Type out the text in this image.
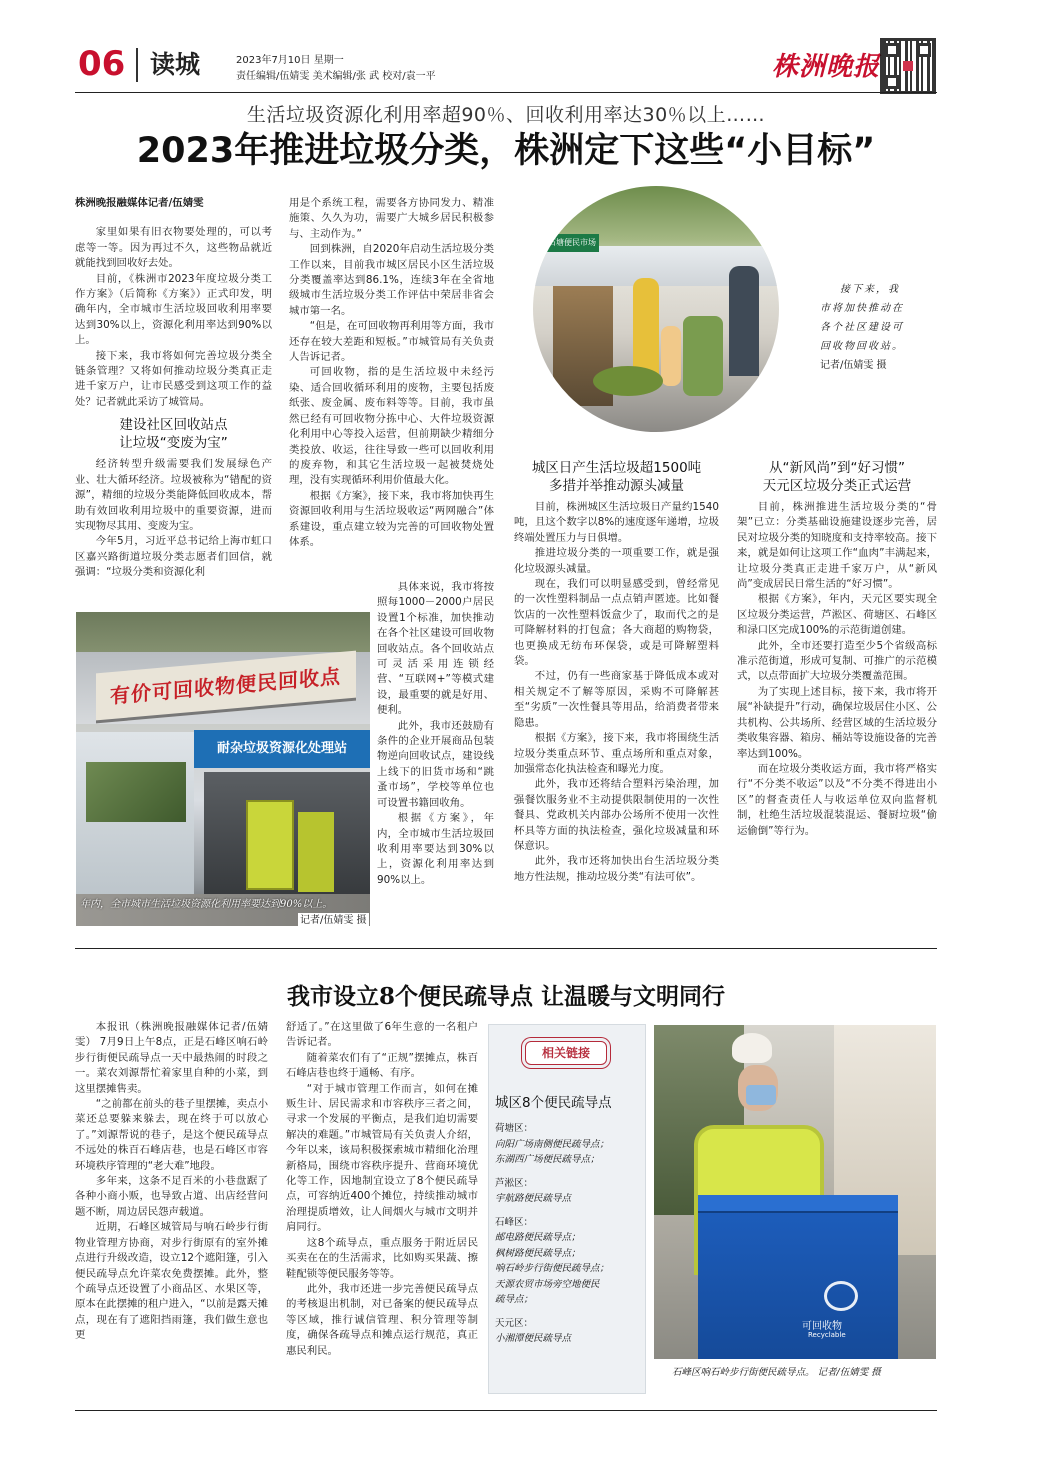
06 读城	2023年7月10日 星期一
责任编辑/伍婧雯 美术编辑/张 武 校对/袁一平	株洲晚报
生活垃圾资源化利用率超90％、回收利用率达30％以上……
2023年推进垃圾分类，株洲定下这些“小目标”
株洲晚报融媒体记者/伍婧雯

家里如果有旧衣物要处理的，可以考虑等一等。因为再过不久，这些物品就近就能找到回收好去处。

目前，《株洲市2023年度垃圾分类工作方案》（后简称《方案》）正式印发，明确年内，全市城市生活垃圾回收利用率要达到30%以上，资源化利用率达到90%以上。

接下来，我市将如何完善垃圾分类全链条管理？又将如何推动垃圾分类真正走进千家万户，让市民感受到这项工作的益处？记者就此采访了城管局。

建设社区回收站点
让垃圾“变废为宝”

经济转型升级需要我们发展绿色产业、壮大循环经济。垃圾被称为“错配的资源”，精细的垃圾分类能降低回收成本，帮助有效回收利用垃圾中的重要资源，进而实现物尽其用、变废为宝。

今年5月，习近平总书记给上海市虹口区嘉兴路街道垃圾分类志愿者们回信，就强调：“垃圾分类和资源化利

用是个系统工程，需要各方协同发力、精准施策、久久为功，需要广大城乡居民积极参与、主动作为。”

回到株洲，自2020年启动生活垃圾分类工作以来，目前我市城区居民小区生活垃圾分类覆盖率达到86.1%，连续3年在全省地级城市生活垃圾分类工作评估中荣居非省会城市第一名。

“但是，在可回收物再利用等方面，我市还存在较大差距和短板。”市城管局有关负责人告诉记者。

可回收物，指的是生活垃圾中未经污染、适合回收循环利用的废物，主要包括废纸张、废金属、废布料等等。目前，我市虽然已经有可回收物分拣中心、大件垃圾资源化利用中心等投入运营，但前期缺少精细分类投放、收运，往往导致一些可以回收利用的废弃物，和其它生活垃圾一起被焚烧处理，没有实现循环利用价值最大化。

根据《方案》，接下来，我市将加快再生资源回收利用与生活垃圾收运“两网融合”体系建设，重点建立较为完善的可回收物处置体系。

具体来说，我市将按照每1000－2000户居民设置1个标准，加快推动在各个社区建设可回收物回收站点。各个回收站点可灵活采用连锁经营、“互联网+”等模式建设，最重要的就是好用、便利。

此外，我市还鼓励有条件的企业开展商品包装物逆向回收试点，建设线上线下的旧货市场和“跳蚤市场”，学校等单位也可设置书籍回收角。

根据《方案》，年内，全市城市生活垃圾回收利用率要达到30%以上，资源化利用率达到90%以上。

有价可回收物便民回收点
耐杂垃圾资源化处理站
年内，全市城市生活垃圾资源化利用率要达到90%以上。
记者/伍婧雯 摄
石塘便民市场
接下来，我
市将加快推动在
各个社区建设可
回收物回收站。
记者/伍婧雯 摄
城区日产生活垃圾超1500吨
多措并举推动源头减量

目前，株洲城区生活垃圾日产量约1540吨，且这个数字以8%的速度逐年递增，垃圾终端处置压力与日俱增。

推进垃圾分类的一项重要工作，就是强化垃圾源头减量。

现在，我们可以明显感受到，曾经常见的一次性塑料制品一点点销声匿迹。比如餐饮店的一次性塑料饭盒少了，取而代之的是可降解材料的打包盒；各大商超的购物袋，也更换成无纺布环保袋，或是可降解塑料袋。

不过，仍有一些商家基于降低成本或对相关规定不了解等原因，采购不可降解甚至“劣质”一次性餐具等用品，给消费者带来隐患。

根据《方案》，接下来，我市将围绕生活垃圾分类重点环节、重点场所和重点对象，加强常态化执法检查和曝光力度。

此外，我市还将结合塑料污染治理，加强餐饮服务业不主动提供限制使用的一次性餐具、党政机关内部办公场所不使用一次性杯具等方面的执法检查，强化垃圾减量和环保意识。

此外，我市还将加快出台生活垃圾分类地方性法规，推动垃圾分类“有法可依”。

从“新风尚”到“好习惯”
天元区垃圾分类正式运营

目前，株洲推进生活垃圾分类的“骨架”已立：分类基础设施建设逐步完善，居民对垃圾分类的知晓度和支持率较高。接下来，就是如何让这项工作“血肉”丰满起来，让垃圾分类真正走进千家万户，从“新风尚”变成居民日常生活的“好习惯”。

根据《方案》，年内，天元区要实现全区垃圾分类运营，芦淞区、荷塘区、石峰区和渌口区完成100%的示范街道创建。

此外，全市还要打造至少5个省级高标准示范街道，形成可复制、可推广的示范模式，以点带面扩大垃圾分类覆盖范围。

为了实现上述目标，接下来，我市将开展“补缺提升”行动，确保垃圾居住小区、公共机构、公共场所、经营区域的生活垃圾分类收集容器、箱房、桶站等设施设备的完善率达到100%。

而在垃圾分类收运方面，我市将严格实行“不分类不收运”以及“不分类不得进出小区”的督查责任人与收运单位双向监督机制，杜绝生活垃圾混装混运、餐厨垃圾“偷运偷倒”等行为。

我市设立8个便民疏导点 让温暖与文明同行

本报讯（株洲晚报融媒体记者/伍婧雯） 7月9日上午8点，正是石峰区响石岭步行街便民疏导点一天中最热闹的时段之一。菜农刘源帮忙着家里自种的小菜，到这里摆摊售卖。

“之前都在前头的巷子里摆摊，卖点小菜还总要躲来躲去，现在终于可以放心了。”刘源帮说的巷子，是这个便民疏导点不远处的株百石峰店巷，也是石峰区市容环境秩序管理的“老大难”地段。

多年来，这条不足百米的小巷盘踞了各种小商小贩，也导致占道、出店经营问题不断，周边居民怨声载道。

近期，石峰区城管局与响石岭步行街物业管理方协商，对步行街原有的室外摊点进行升级改造，设立12个遮阳篷，引入便民疏导点允许菜农免费摆摊。此外，整个疏导点还设置了小商品区、水果区等，原本在此摆摊的租户进入，“以前是露天摊点，现在有了遮阳挡雨篷，我们做生意也更

舒适了。”在这里做了6年生意的一名租户告诉记者。

随着菜农们有了“正规”摆摊点，株百石峰店巷也终于通畅、有序。

“对于城市管理工作而言，如何在摊贩生计、居民需求和市容秩序三者之间，寻求一个发展的平衡点，是我们迫切需要解决的难题。”市城管局有关负责人介绍，今年以来，该局积极探索城市精细化治理新格局，围绕市容秩序提升、营商环境优化等工作，因地制宜设立了8个便民疏导点，可容纳近400个摊位，持续推动城市治理提质增效，让人间烟火与城市文明并肩同行。

这8个疏导点，重点服务于附近居民买卖在在的生活需求，比如购买果蔬、擦鞋配锁等便民服务等等。

此外，我市还进一步完善便民疏导点的考核退出机制，对已备案的便民疏导点等区域，推行诚信管理、积分管理等制度，确保各疏导点和摊点运行规范，真正惠民利民。

相关链接
城区8个便民疏导点
荷塘区：
向阳广场南侧便民疏导点；
东湖西广场便民疏导点；
芦淞区：
宇航路便民疏导点
石峰区：
邮电路便民疏导点；
枫树路便民疏导点；
响石岭步行街便民疏导点；
天源农贸市场旁空地便民
疏导点；
天元区：
小湘潭便民疏导点
可回收物
Recyclable
石峰区响石岭步行街便民疏导点。 记者/伍婧雯 摄
